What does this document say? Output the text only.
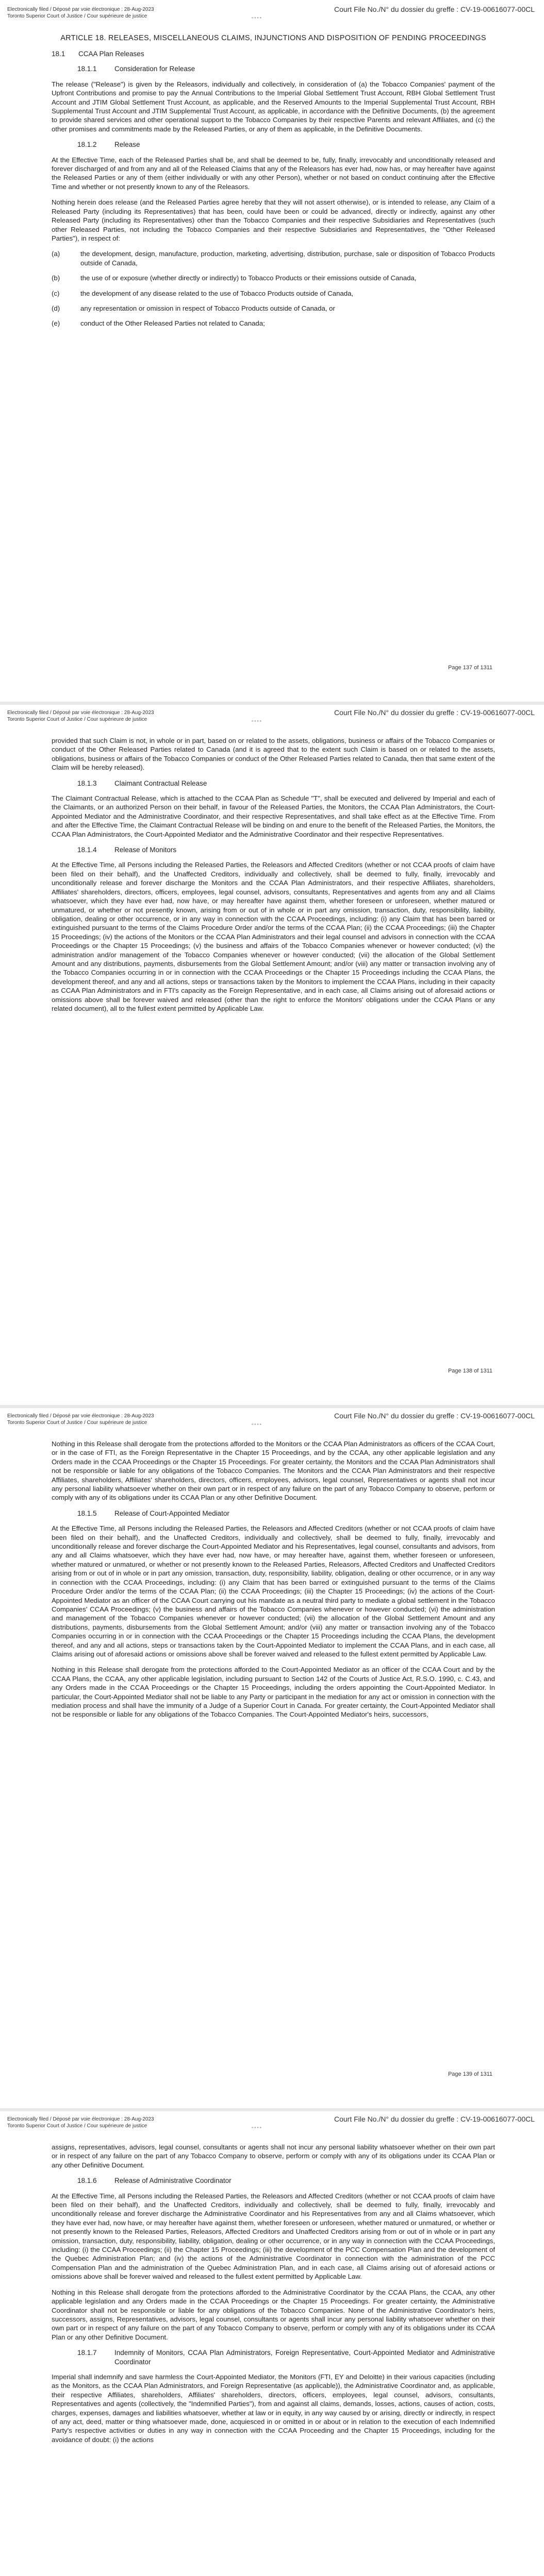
Electronically filed / Déposé par voie électronique : 28-Aug-2023
Toronto Superior Court of Justice / Cour supérieure de justice
Court File No./N° du dossier du greffe : CV-19-00616077-00CL
""""
ARTICLE 18. RELEASES, MISCELLANEOUS CLAIMS, INJUNCTIONS AND DISPOSITION OF PENDING PROCEEDINGS
18.1 CCAA Plan Releases
18.1.1	Consideration for Release

The release ("Release") is given by the Releasors, individually and collectively, in consideration of (a) the Tobacco Companies' payment of the Upfront Contributions and promise to pay the Annual Contributions to the Imperial Global Settlement Trust Account, RBH Global Settlement Trust Account and JTIM Global Settlement Trust Account, as applicable, and the Reserved Amounts to the Imperial Supplemental Trust Account, RBH Supplemental Trust Account and JTIM Supplemental Trust Account, as applicable, in accordance with the Definitive Documents, (b) the agreement to provide shared services and other operational support to the Tobacco Companies by their respective Parents and relevant Affiliates, and (c) the other promises and commitments made by the Released Parties, or any of them as applicable, in the Definitive Documents.

18.1.2	Release

At the Effective Time, each of the Released Parties shall be, and shall be deemed to be, fully, finally, irrevocably and unconditionally released and forever discharged of and from any and all of the Released Claims that any of the Releasors has ever had, now has, or may hereafter have against the Released Parties or any of them (either individually or with any other Person), whether or not based on conduct continuing after the Effective Time and whether or not presently known to any of the Releasors.

Nothing herein does release (and the Released Parties agree hereby that they will not assert otherwise), or is intended to release, any Claim of a Released Party (including its Representatives) that has been, could have been or could be advanced, directly or indirectly, against any other Released Party (including its Representatives) other than the Tobacco Companies and their respective Subsidiaries and Representatives (such other Released Parties, not including the Tobacco Companies and their respective Subsidiaries and Representatives, the "Other Released Parties"), in respect of:

(a)	the development, design, manufacture, production, marketing, advertising, distribution, purchase, sale or disposition of Tobacco Products outside of Canada,
(b)	the use of or exposure (whether directly or indirectly) to Tobacco Products or their emissions outside of Canada,
(c)	the development of any disease related to the use of Tobacco Products outside of Canada,
(d)	any representation or omission in respect of Tobacco Products outside of Canada, or
(e)	conduct of the Other Released Parties not related to Canada;
Page 137 of 1311
Electronically filed / Déposé par voie électronique : 28-Aug-2023
Toronto Superior Court of Justice / Cour supérieure de justice
Court File No./N° du dossier du greffe : CV-19-00616077-00CL
""""

provided that such Claim is not, in whole or in part, based on or related to the assets, obligations, business or affairs of the Tobacco Companies or conduct of the Other Released Parties related to Canada (and it is agreed that to the extent such Claim is based on or related to the assets, obligations, business or affairs of the Tobacco Companies or conduct of the Other Released Parties related to Canada, then that same extent of the Claim will be hereby released).

18.1.3	Claimant Contractual Release

The Claimant Contractual Release, which is attached to the CCAA Plan as Schedule "T", shall be executed and delivered by Imperial and each of the Claimants, or an authorized Person on their behalf, in favour of the Released Parties, the Monitors, the CCAA Plan Administrators, the Court-Appointed Mediator and the Administrative Coordinator, and their respective Representatives, and shall take effect as at the Effective Time. From and after the Effective Time, the Claimant Contractual Release will be binding on and enure to the benefit of the Released Parties, the Monitors, the CCAA Plan Administrators, the Court-Appointed Mediator and the Administrative Coordinator and their respective Representatives.

18.1.4	Release of Monitors

At the Effective Time, all Persons including the Released Parties, the Releasors and Affected Creditors (whether or not CCAA proofs of claim have been filed on their behalf), and the Unaffected Creditors, individually and collectively, shall be deemed to fully, finally, irrevocably and unconditionally release and forever discharge the Monitors and the CCAA Plan Administrators, and their respective Affiliates, shareholders, Affiliates' shareholders, directors, officers, employees, legal counsel, advisors, consultants, Representatives and agents from any and all Claims whatsoever, which they have ever had, now have, or may hereafter have against them, whether foreseen or unforeseen, whether matured or unmatured, or whether or not presently known, arising from or out of in whole or in part any omission, transaction, duty, responsibility, liability, obligation, dealing or other occurrence, or in any way in connection with the CCAA Proceedings, including: (i) any Claim that has been barred or extinguished pursuant to the terms of the Claims Procedure Order and/or the terms of the CCAA Plan; (ii) the CCAA Proceedings; (iii) the Chapter 15 Proceedings; (iv) the actions of the Monitors or the CCAA Plan Administrators and their legal counsel and advisors in connection with the CCAA Proceedings or the Chapter 15 Proceedings; (v) the business and affairs of the Tobacco Companies whenever or however conducted; (vi) the administration and/or management of the Tobacco Companies whenever or however conducted; (vii) the allocation of the Global Settlement Amount and any distributions, payments, disbursements from the Global Settlement Amount; and/or (viii) any matter or transaction involving any of the Tobacco Companies occurring in or in connection with the CCAA Proceedings or the Chapter 15 Proceedings including the CCAA Plans, the development thereof, and any and all actions, steps or transactions taken by the Monitors to implement the CCAA Plans, including in their capacity as CCAA Plan Administrators and in FTI's capacity as the Foreign Representative, and in each case, all Claims arising out of aforesaid actions or omissions above shall be forever waived and released (other than the right to enforce the Monitors' obligations under the CCAA Plans or any related document), all to the fullest extent permitted by Applicable Law.

Page 138 of 1311
Electronically filed / Déposé par voie électronique : 28-Aug-2023
Toronto Superior Court of Justice / Cour supérieure de justice
Court File No./N° du dossier du greffe : CV-19-00616077-00CL
""""

Nothing in this Release shall derogate from the protections afforded to the Monitors or the CCAA Plan Administrators as officers of the CCAA Court, or in the case of FTI, as the Foreign Representative in the Chapter 15 Proceedings, and by the CCAA, any other applicable legislation and any Orders made in the CCAA Proceedings or the Chapter 15 Proceedings. For greater certainty, the Monitors and the CCAA Plan Administrators shall not be responsible or liable for any obligations of the Tobacco Companies. The Monitors and the CCAA Plan Administrators and their respective Affiliates, shareholders, Affiliates' shareholders, directors, officers, employees, advisors, legal counsel, Representatives or agents shall not incur any personal liability whatsoever whether on their own part or in respect of any failure on the part of any Tobacco Company to observe, perform or comply with any of its obligations under its CCAA Plan or any other Definitive Document.

18.1.5	Release of Court-Appointed Mediator

At the Effective Time, all Persons including the Released Parties, the Releasors and Affected Creditors (whether or not CCAA proofs of claim have been filed on their behalf), and the Unaffected Creditors, individually and collectively, shall be deemed to fully, finally, irrevocably and unconditionally release and forever discharge the Court-Appointed Mediator and his Representatives, legal counsel, consultants and advisors, from any and all Claims whatsoever, which they have ever had, now have, or may hereafter have, against them, whether foreseen or unforeseen, whether matured or unmatured, or whether or not presently known to the Released Parties, Releasors, Affected Creditors and Unaffected Creditors arising from or out of in whole or in part any omission, transaction, duty, responsibility, liability, obligation, dealing or other occurrence, or in any way in connection with the CCAA Proceedings, including: (i) any Claim that has been barred or extinguished pursuant to the terms of the Claims Procedure Order and/or the terms of the CCAA Plan; (ii) the CCAA Proceedings; (iii) the Chapter 15 Proceedings; (iv) the actions of the Court-Appointed Mediator as an officer of the CCAA Court carrying out his mandate as a neutral third party to mediate a global settlement in the Tobacco Companies' CCAA Proceedings; (v) the business and affairs of the Tobacco Companies whenever or however conducted; (vi) the administration and management of the Tobacco Companies whenever or however conducted; (vii) the allocation of the Global Settlement Amount and any distributions, payments, disbursements from the Global Settlement Amount; and/or (viii) any matter or transaction involving any of the Tobacco Companies occurring in or in connection with the CCAA Proceedings or the Chapter 15 Proceedings including the CCAA Plans, the development thereof, and any and all actions, steps or transactions taken by the Court-Appointed Mediator to implement the CCAA Plans, and in each case, all Claims arising out of aforesaid actions or omissions above shall be forever waived and released to the fullest extent permitted by Applicable Law.

Nothing in this Release shall derogate from the protections afforded to the Court-Appointed Mediator as an officer of the CCAA Court and by the CCAA Plans, the CCAA, any other applicable legislation, including pursuant to Section 142 of the Courts of Justice Act, R.S.O. 1990, c. C.43, and any Orders made in the CCAA Proceedings or the Chapter 15 Proceedings, including the orders appointing the Court-Appointed Mediator. In particular, the Court-Appointed Mediator shall not be liable to any Party or participant in the mediation for any act or omission in connection with the mediation process and shall have the immunity of a Judge of a Superior Court in Canada. For greater certainty, the Court-Appointed Mediator shall not be responsible or liable for any obligations of the Tobacco Companies. The Court-Appointed Mediator's heirs, successors,

Page 139 of 1311
Electronically filed / Déposé par voie électronique : 28-Aug-2023
Toronto Superior Court of Justice / Cour supérieure de justice
Court File No./N° du dossier du greffe : CV-19-00616077-00CL
""""

assigns, representatives, advisors, legal counsel, consultants or agents shall not incur any personal liability whatsoever whether on their own part or in respect of any failure on the part of any Tobacco Company to observe, perform or comply with any of its obligations under its CCAA Plan or any other Definitive Document.

18.1.6	Release of Administrative Coordinator

At the Effective Time, all Persons including the Released Parties, the Releasors and Affected Creditors (whether or not CCAA proofs of claim have been filed on their behalf), and the Unaffected Creditors, individually and collectively, shall be deemed to fully, finally, irrevocably and unconditionally release and forever discharge the Administrative Coordinator and his Representatives from any and all Claims whatsoever, which they have ever had, now have, or may hereafter have against them, whether foreseen or unforeseen, whether matured or unmatured, or whether or not presently known to the Released Parties, Releasors, Affected Creditors and Unaffected Creditors arising from or out of in whole or in part any omission, transaction, duty, responsibility, liability, obligation, dealing or other occurrence, or in any way in connection with the CCAA Proceedings, including: (i) the CCAA Proceedings; (ii) the Chapter 15 Proceedings; (iii) the development of the PCC Compensation Plan and the development of the Quebec Administration Plan; and (iv) the actions of the Administrative Coordinator in connection with the administration of the PCC Compensation Plan and the administration of the Quebec Administration Plan, and in each case, all Claims arising out of aforesaid actions or omissions above shall be forever waived and released to the fullest extent permitted by Applicable Law.

Nothing in this Release shall derogate from the protections afforded to the Administrative Coordinator by the CCAA Plans, the CCAA, any other applicable legislation and any Orders made in the CCAA Proceedings or the Chapter 15 Proceedings. For greater certainty, the Administrative Coordinator shall not be responsible or liable for any obligations of the Tobacco Companies. None of the Administrative Coordinator's heirs, successors, assigns, Representatives, advisors, legal counsel, consultants or agents shall incur any personal liability whatsoever whether on their own part or in respect of any failure on the part of any Tobacco Company to observe, perform or comply with any of its obligations under its CCAA Plan or any other Definitive Document.

18.1.7	Indemnity of Monitors, CCAA Plan Administrators, Foreign Representative, Court-Appointed Mediator and Administrative Coordinator

Imperial shall indemnify and save harmless the Court-Appointed Mediator, the Monitors (FTI, EY and Deloitte) in their various capacities (including as the Monitors, as the CCAA Plan Administrators, and Foreign Representative (as applicable)), the Administrative Coordinator and, as applicable, their respective Affiliates, shareholders, Affiliates' shareholders, directors, officers, employees, legal counsel, advisors, consultants, Representatives and agents (collectively, the "Indemnified Parties"), from and against all claims, demands, losses, actions, causes of action, costs, charges, expenses, damages and liabilities whatsoever, whether at law or in equity, in any way caused by or arising, directly or indirectly, in respect of any act, deed, matter or thing whatsoever made, done, acquiesced in or omitted in or about or in relation to the execution of each Indemnified Party's respective activities or duties in any way in connection with the CCAA Proceeding and the Chapter 15 Proceedings, including for the avoidance of doubt: (i) the actions
